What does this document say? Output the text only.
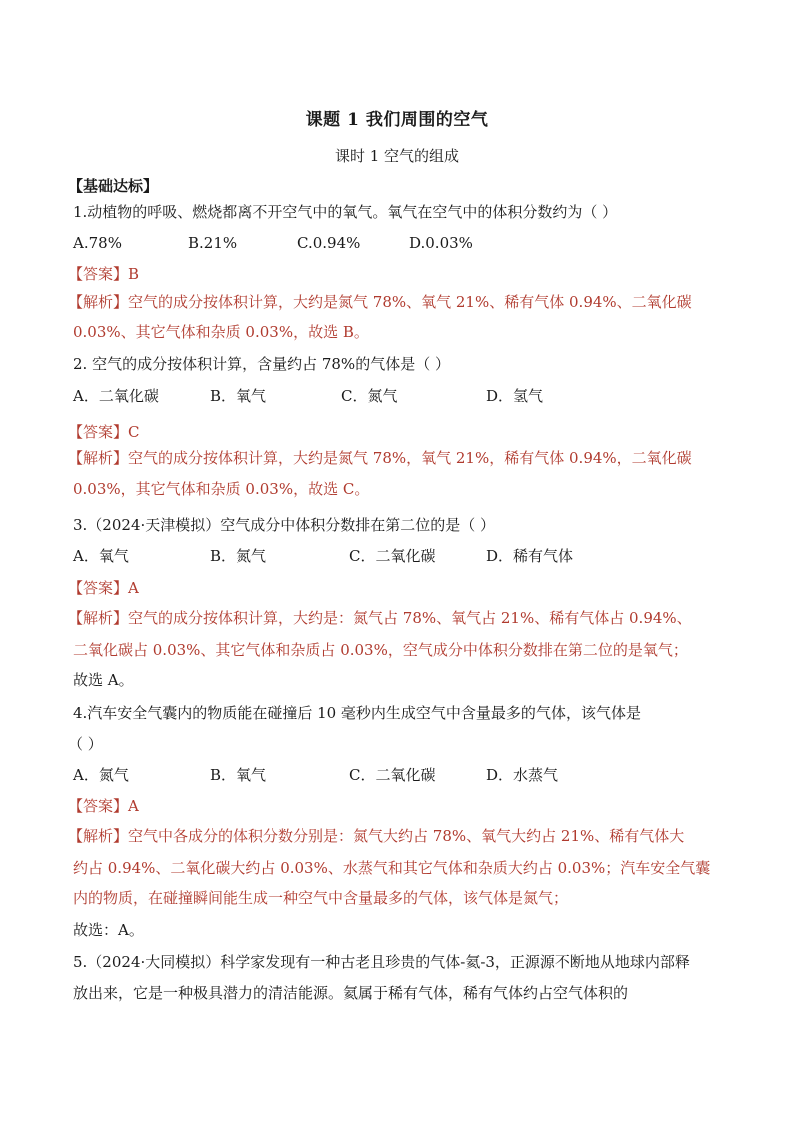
课题 1 我们周围的空气
课时 1 空气的组成
【基础达标】
1.动植物的呼吸、燃烧都离不开空气中的氧气。氧气在空气中的体积分数约为（ ）
A.78%	B.21%	C.0.94%	D.0.03%
【答案】B
【解析】空气的成分按体积计算，大约是氮气 78%、氧气 21%、稀有气体 0.94%、二氧化碳
0.03%、其它气体和杂质 0.03%，故选 B。
2. 空气的成分按体积计算，含量约占 78%的气体是（ ）
A．二氧化碳	B．氧气	C．氮气	D．氢气
【答案】C
【解析】空气的成分按体积计算，大约是氮气 78%，氧气 21%，稀有气体 0.94%，二氧化碳
0.03%，其它气体和杂质 0.03%，故选 C。
3.（2024·天津模拟）空气成分中体积分数排在第二位的是（ ）
A．氧气	B．氮气	C．二氧化碳	D．稀有气体
【答案】A
【解析】空气的成分按体积计算，大约是：氮气占 78%、氧气占 21%、稀有气体占 0.94%、
二氧化碳占 0.03%、其它气体和杂质占 0.03%，空气成分中体积分数排在第二位的是氧气；
故选 A。
4.汽车安全气囊内的物质能在碰撞后 10 毫秒内生成空气中含量最多的气体，该气体是
（ ）
A．氮气	B．氧气	C．二氧化碳	D．水蒸气
【答案】A
【解析】空气中各成分的体积分数分别是：氮气大约占 78%、氧气大约占 21%、稀有气体大
约占 0.94%、二氧化碳大约占 0.03%、水蒸气和其它气体和杂质大约占 0.03%；汽车安全气囊
内的物质，在碰撞瞬间能生成一种空气中含量最多的气体，该气体是氮气；
故选：A。
5.（2024·大同模拟）科学家发现有一种古老且珍贵的气体-氦-3，正源源不断地从地球内部释
放出来，它是一种极具潜力的清洁能源。氦属于稀有气体，稀有气体约占空气体积的
